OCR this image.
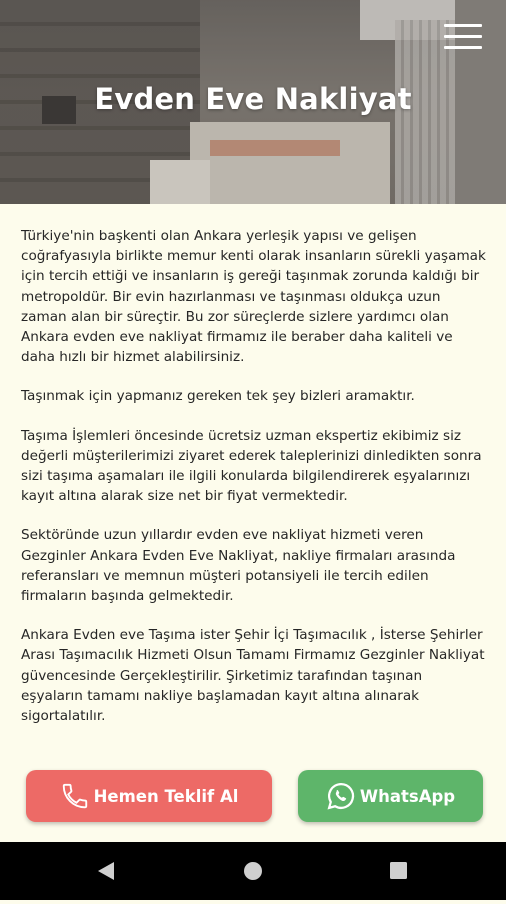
Evden Eve Nakliyat

Türkiye'nin başkenti olan Ankara yerleşik yapısı ve gelişen coğrafyasıyla birlikte memur kenti olarak insanların sürekli yaşamak için tercih ettiği ve insanların iş gereği taşınmak zorunda kaldığı bir metropoldür. Bir evin hazırlanması ve taşınması oldukça uzun zaman alan bir süreçtir. Bu zor süreçlerde sizlere yardımcı olan Ankara evden eve nakliyat firmamız ile beraber daha kaliteli ve daha hızlı bir hizmet alabilirsiniz.

Taşınmak için yapmanız gereken tek şey bizleri aramaktır.

Taşıma İşlemleri öncesinde ücretsiz uzman ekspertiz ekibimiz siz değerli müşterilerimizi ziyaret ederek taleplerinizi dinledikten sonra sizi taşıma aşamaları ile ilgili konularda bilgilendirerek eşyalarınızı kayıt altına alarak size net bir fiyat vermektedir.

Sektöründe uzun yıllardır evden eve nakliyat hizmeti veren Gezginler Ankara Evden Eve Nakliyat, nakliye firmaları arasında referansları ve memnun müşteri potansiyeli ile tercih edilen firmaların başında gelmektedir.

Ankara Evden eve Taşıma ister Şehir İçi Taşımacılık , İsterse Şehirler Arası Taşımacılık Hizmeti Olsun Tamamı Firmamız Gezginler Nakliyat güvencesinde Gerçekleştirilir. Şirketimiz tarafından taşınan eşyaların tamamı nakliye başlamadan kayıt altına alınarak sigortalatılır.

Hemen Teklif Al	WhatsApp
